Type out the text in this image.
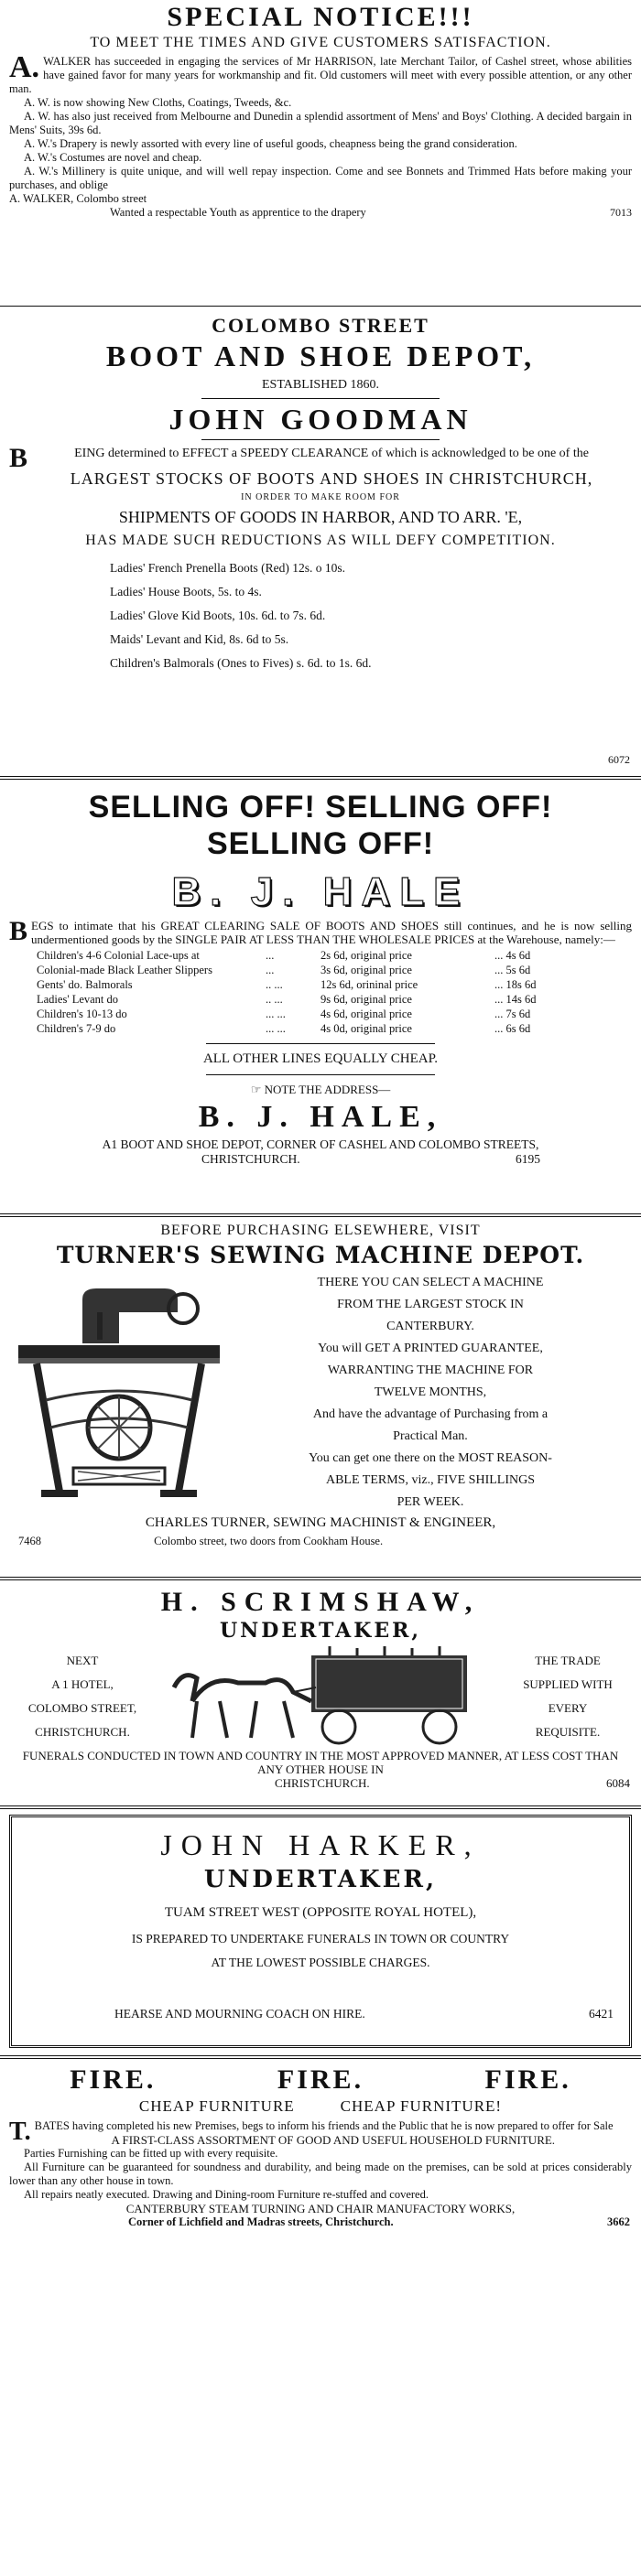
SPECIAL NOTICE!!!
TO MEET THE TIMES AND GIVE CUSTOMERS SATISFACTION.
A. WALKER has succeeded in engaging the services of Mr HARRISON, late Merchant Tailor, of Cashel street, whose abilities have gained favor for many years for workmanship and fit. Old customers will meet with every possible attention, or any other man.
A. W. is now showing New Cloths, Coatings, Tweeds, &c.
A. W. has also just received from Melbourne and Dunedin a splendid assortment of Mens' and Boys' Clothing. A decided bargain in Mens' Suits, 39s 6d.
A. W.'s Drapery is newly assorted with every line of useful goods, cheapness being the grand consideration.
A. W.'s Costumes are novel and cheap.
A. W.'s Millinery is quite unique, and will well repay inspection. Come and see Bonnets and Trimmed Hats before making your purchases, and oblige
A. WALKER, Colombo street
Wanted a respectable Youth as apprentice to the drapery	7013
COLOMBO STREET
BOOT AND SHOE DEPOT,
ESTABLISHED 1860.
JOHN GOODMAN
B	EING determined to EFFECT a SPEEDY CLEARANCE of which is acknowledged to be one of the
LARGEST STOCKS OF BOOTS AND SHOES IN CHRISTCHURCH,
IN ORDER TO MAKE ROOM FOR
SHIPMENTS OF GOODS IN HARBOR, AND TO ARR. 'E,
HAS MADE SUCH REDUCTIONS AS WILL DEFY COMPETITION.
Ladies' French Prenella Boots (Red) 12s. o 10s.
Ladies' House Boots, 5s. to 4s.
Ladies' Glove Kid Boots, 10s. 6d. to 7s. 6d.
Maids' Levant and Kid, 8s. 6d to 5s.
Children's Balmorals (Ones to Fives) s. 6d. to 1s. 6d.
6072
SELLING OFF! SELLING OFF!
SELLING OFF!
B. J. HALE
BEGS to intimate that his GREAT CLEARING SALE OF BOOTS AND SHOES still continues, and he is now selling undermentioned goods by the SINGLE PAIR AT LESS THAN THE WHOLESALE PRICES at the Warehouse, namely:—
Children's 4-6 Colonial Lace-ups at	...	2s 6d, original price	... 4s 6d
Colonial-made Black Leather Slippers	...	3s 6d, original price	... 5s 6d
Gents' do. Balmorals	.. ...	12s 6d, orininal price	... 18s 6d
Ladies' Levant do	.. ...	9s 6d, original price	... 14s 6d
Children's 10-13 do	... ...	4s 6d, original price	... 7s 6d
Children's 7-9 do	... ...	4s 0d, original price	... 6s 6d
ALL OTHER LINES EQUALLY CHEAP.
☞ NOTE THE ADDRESS—
B. J. HALE,
A1 BOOT AND SHOE DEPOT, CORNER OF CASHEL AND COLOMBO STREETS,
CHRISTCHURCH.	6195
BEFORE PURCHASING ELSEWHERE, VISIT
TURNER'S SEWING MACHINE DEPOT.
THERE YOU CAN SELECT A MACHINE
FROM THE LARGEST STOCK IN
CANTERBURY.
You will GET A PRINTED GUARANTEE,
WARRANTING THE MACHINE FOR
TWELVE MONTHS,
And have the advantage of Purchasing from a
Practical Man.
You can get one there on the MOST REASON-
ABLE TERMS, viz., FIVE SHILLINGS
PER WEEK.
CHARLES TURNER, SEWING MACHINIST & ENGINEER,
7468	Colombo street, two doors from Cookham House.
H. SCRIMSHAW,
UNDERTAKER,
NEXT
A 1 HOTEL,
COLOMBO STREET,
CHRISTCHURCH.
THE TRADE
SUPPLIED WITH
EVERY
REQUISITE.
FUNERALS CONDUCTED IN TOWN AND COUNTRY IN THE MOST APPROVED MANNER, AT LESS COST THAN ANY OTHER HOUSE IN
CHRISTCHURCH.	6084
JOHN HARKER,
UNDERTAKER,
TUAM STREET WEST (OPPOSITE ROYAL HOTEL),
IS PREPARED TO UNDERTAKE FUNERALS IN TOWN OR COUNTRY
AT THE LOWEST POSSIBLE CHARGES.
HEARSE AND MOURNING COACH ON HIRE.	6421
FIRE.	FIRE.	FIRE.
CHEAP FURNITURE	CHEAP FURNITURE!
T. BATES having completed his new Premises, begs to inform his friends and the Public that he is now prepared to offer for Sale
A FIRST-CLASS ASSORTMENT OF GOOD AND USEFUL HOUSEHOLD FURNITURE.
Parties Furnishing can be fitted up with every requisite.
All Furniture can be guaranteed for soundness and durability, and being made on the premises, can be sold at prices considerably lower than any other house in town.
All repairs neatly executed. Drawing and Dining-room Furniture re-stuffed and covered.
CANTERBURY STEAM TURNING AND CHAIR MANUFACTORY WORKS,
Corner of Lichfield and Madras streets, Christchurch.	3662
